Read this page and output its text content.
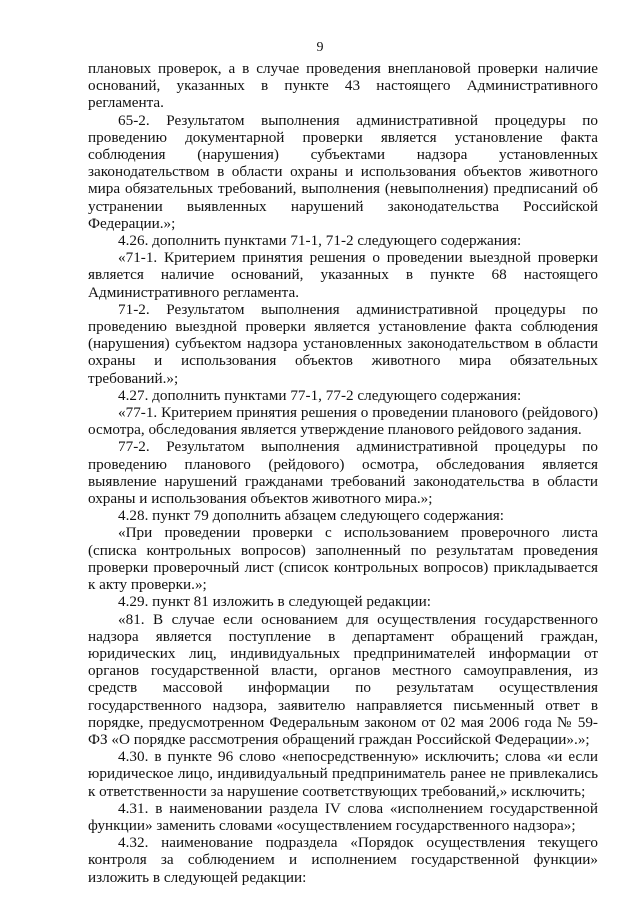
9

плановых проверок, а в случае проведения внеплановой проверки наличие оснований, указанных в пункте 43 настоящего Административного регламента.

65-2. Результатом выполнения административной процедуры по проведению документарной проверки является установление факта соблюдения (нарушения) субъектами надзора установленных законодательством в области охраны и использования объектов животного мира обязательных требований, выполнения (невыполнения) предписаний об устранении выявленных нарушений законодательства Российской Федерации.»;

4.26. дополнить пунктами 71-1, 71-2 следующего содержания:

«71-1. Критерием принятия решения о проведении выездной проверки является наличие оснований, указанных в пункте 68 настоящего Административного регламента.

71-2. Результатом выполнения административной процедуры по проведению выездной проверки является установление факта соблюдения (нарушения) субъектом надзора установленных законодательством в области охраны и использования объектов животного мира обязательных требований.»;

4.27. дополнить пунктами 77-1, 77-2 следующего содержания:

«77-1. Критерием принятия решения о проведении планового (рейдового) осмотра, обследования является утверждение планового рейдового задания.

77-2. Результатом выполнения административной процедуры по проведению планового (рейдового) осмотра, обследования является выявление нарушений гражданами требований законодательства в области охраны и использования объектов животного мира.»;

4.28. пункт 79 дополнить абзацем следующего содержания:

«При проведении проверки с использованием проверочного листа (списка контрольных вопросов) заполненный по результатам проведения проверки проверочный лист (список контрольных вопросов) прикладывается к акту проверки.»;

4.29. пункт 81 изложить в следующей редакции:

«81. В случае если основанием для осуществления государственного надзора является поступление в департамент обращений граждан, юридических лиц, индивидуальных предпринимателей информации от органов государственной власти, органов местного самоуправления, из средств массовой информации по результатам осуществления государственного надзора, заявителю направляется письменный ответ в порядке, предусмотренном Федеральным законом от 02 мая 2006 года № 59-ФЗ «О порядке рассмотрения обращений граждан Российской Федерации».»;

4.30. в пункте 96 слово «непосредственную» исключить; слова «и если юридическое лицо, индивидуальный предприниматель ранее не привлекались к ответственности за нарушение соответствующих требований,» исключить;

4.31. в наименовании раздела IV слова «исполнением государственной функции» заменить словами «осуществлением государственного надзора»;

4.32. наименование подраздела «Порядок осуществления текущего контроля за соблюдением и исполнением государственной функции» изложить в следующей редакции:
